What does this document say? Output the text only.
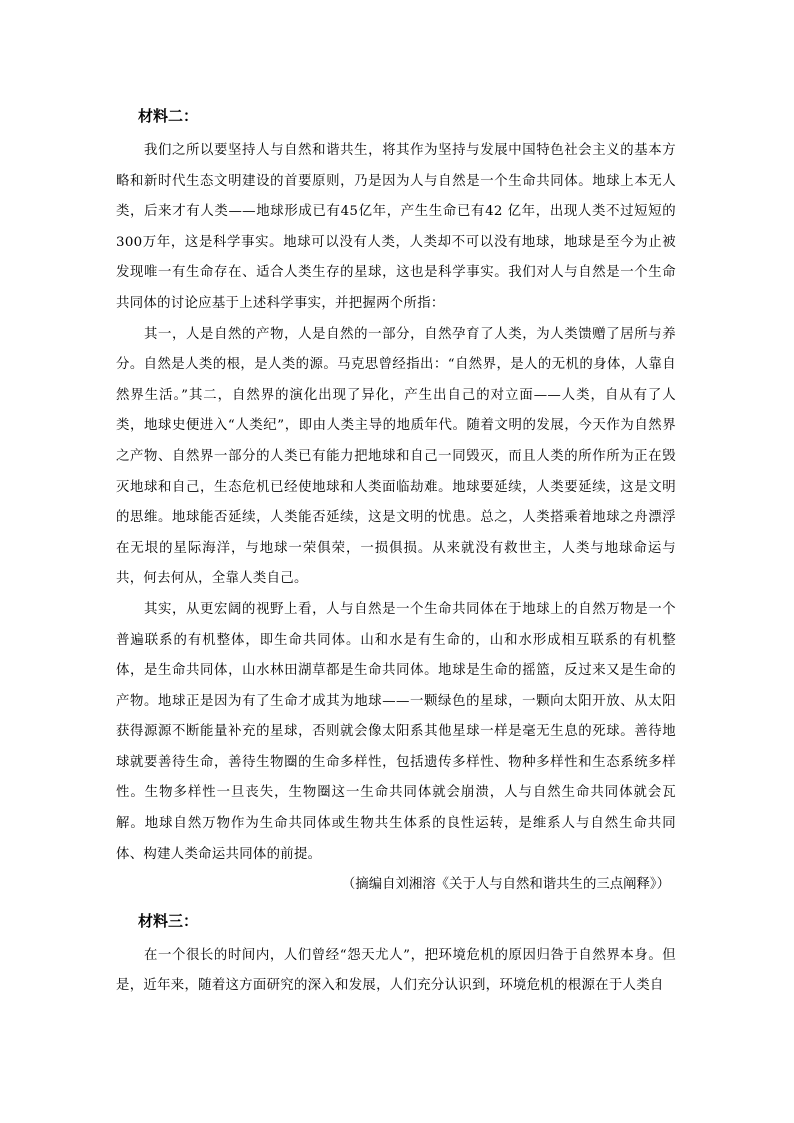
材料二：

我们之所以要坚持人与自然和谐共生，将其作为坚持与发展中国特色社会主义的基本方略和新时代生态文明建设的首要原则，乃是因为人与自然是一个生命共同体。地球上本无人类，后来才有人类——地球形成已有45亿年，产生生命已有42 亿年，出现人类不过短短的300万年，这是科学事实。地球可以没有人类，人类却不可以没有地球，地球是至今为止被发现唯一有生命存在、适合人类生存的星球，这也是科学事实。我们对人与自然是一个生命共同体的讨论应基于上述科学事实，并把握两个所指：

其一，人是自然的产物，人是自然的一部分，自然孕育了人类，为人类馈赠了居所与养分。自然是人类的根，是人类的源。马克思曾经指出：“自然界，是人的无机的身体，人靠自然界生活。”其二，自然界的演化出现了异化，产生出自己的对立面——人类，自从有了人类，地球史便进入“人类纪”，即由人类主导的地质年代。随着文明的发展，今天作为自然界之产物、自然界一部分的人类已有能力把地球和自己一同毁灭，而且人类的所作所为正在毁灭地球和自己，生态危机已经使地球和人类面临劫难。地球要延续，人类要延续，这是文明的思维。地球能否延续，人类能否延续，这是文明的忧患。总之，人类搭乘着地球之舟漂浮在无垠的星际海洋，与地球一荣俱荣，一损俱损。从来就没有救世主，人类与地球命运与共，何去何从，全靠人类自己。

其实，从更宏阔的视野上看，人与自然是一个生命共同体在于地球上的自然万物是一个普遍联系的有机整体，即生命共同体。山和水是有生命的，山和水形成相互联系的有机整体，是生命共同体，山水林田湖草都是生命共同体。地球是生命的摇篮，反过来又是生命的产物。地球正是因为有了生命才成其为地球——一颗绿色的星球，一颗向太阳开放、从太阳获得源源不断能量补充的星球，否则就会像太阳系其他星球一样是毫无生息的死球。善待地球就要善待生命，善待生物圈的生命多样性，包括遗传多样性、物种多样性和生态系统多样性。生物多样性一旦丧失，生物圈这一生命共同体就会崩溃，人与自然生命共同体就会瓦解。地球自然万物作为生命共同体或生物共生体系的良性运转，是维系人与自然生命共同体、构建人类命运共同体的前提。

（摘编自刘湘溶《关于人与自然和谐共生的三点阐释》）

材料三：

在一个很长的时间内，人们曾经“怨天尤人”，把环境危机的原因归咎于自然界本身。但是，近年来，随着这方面研究的深入和发展，人们充分认识到，环境危机的根源在于人类自
